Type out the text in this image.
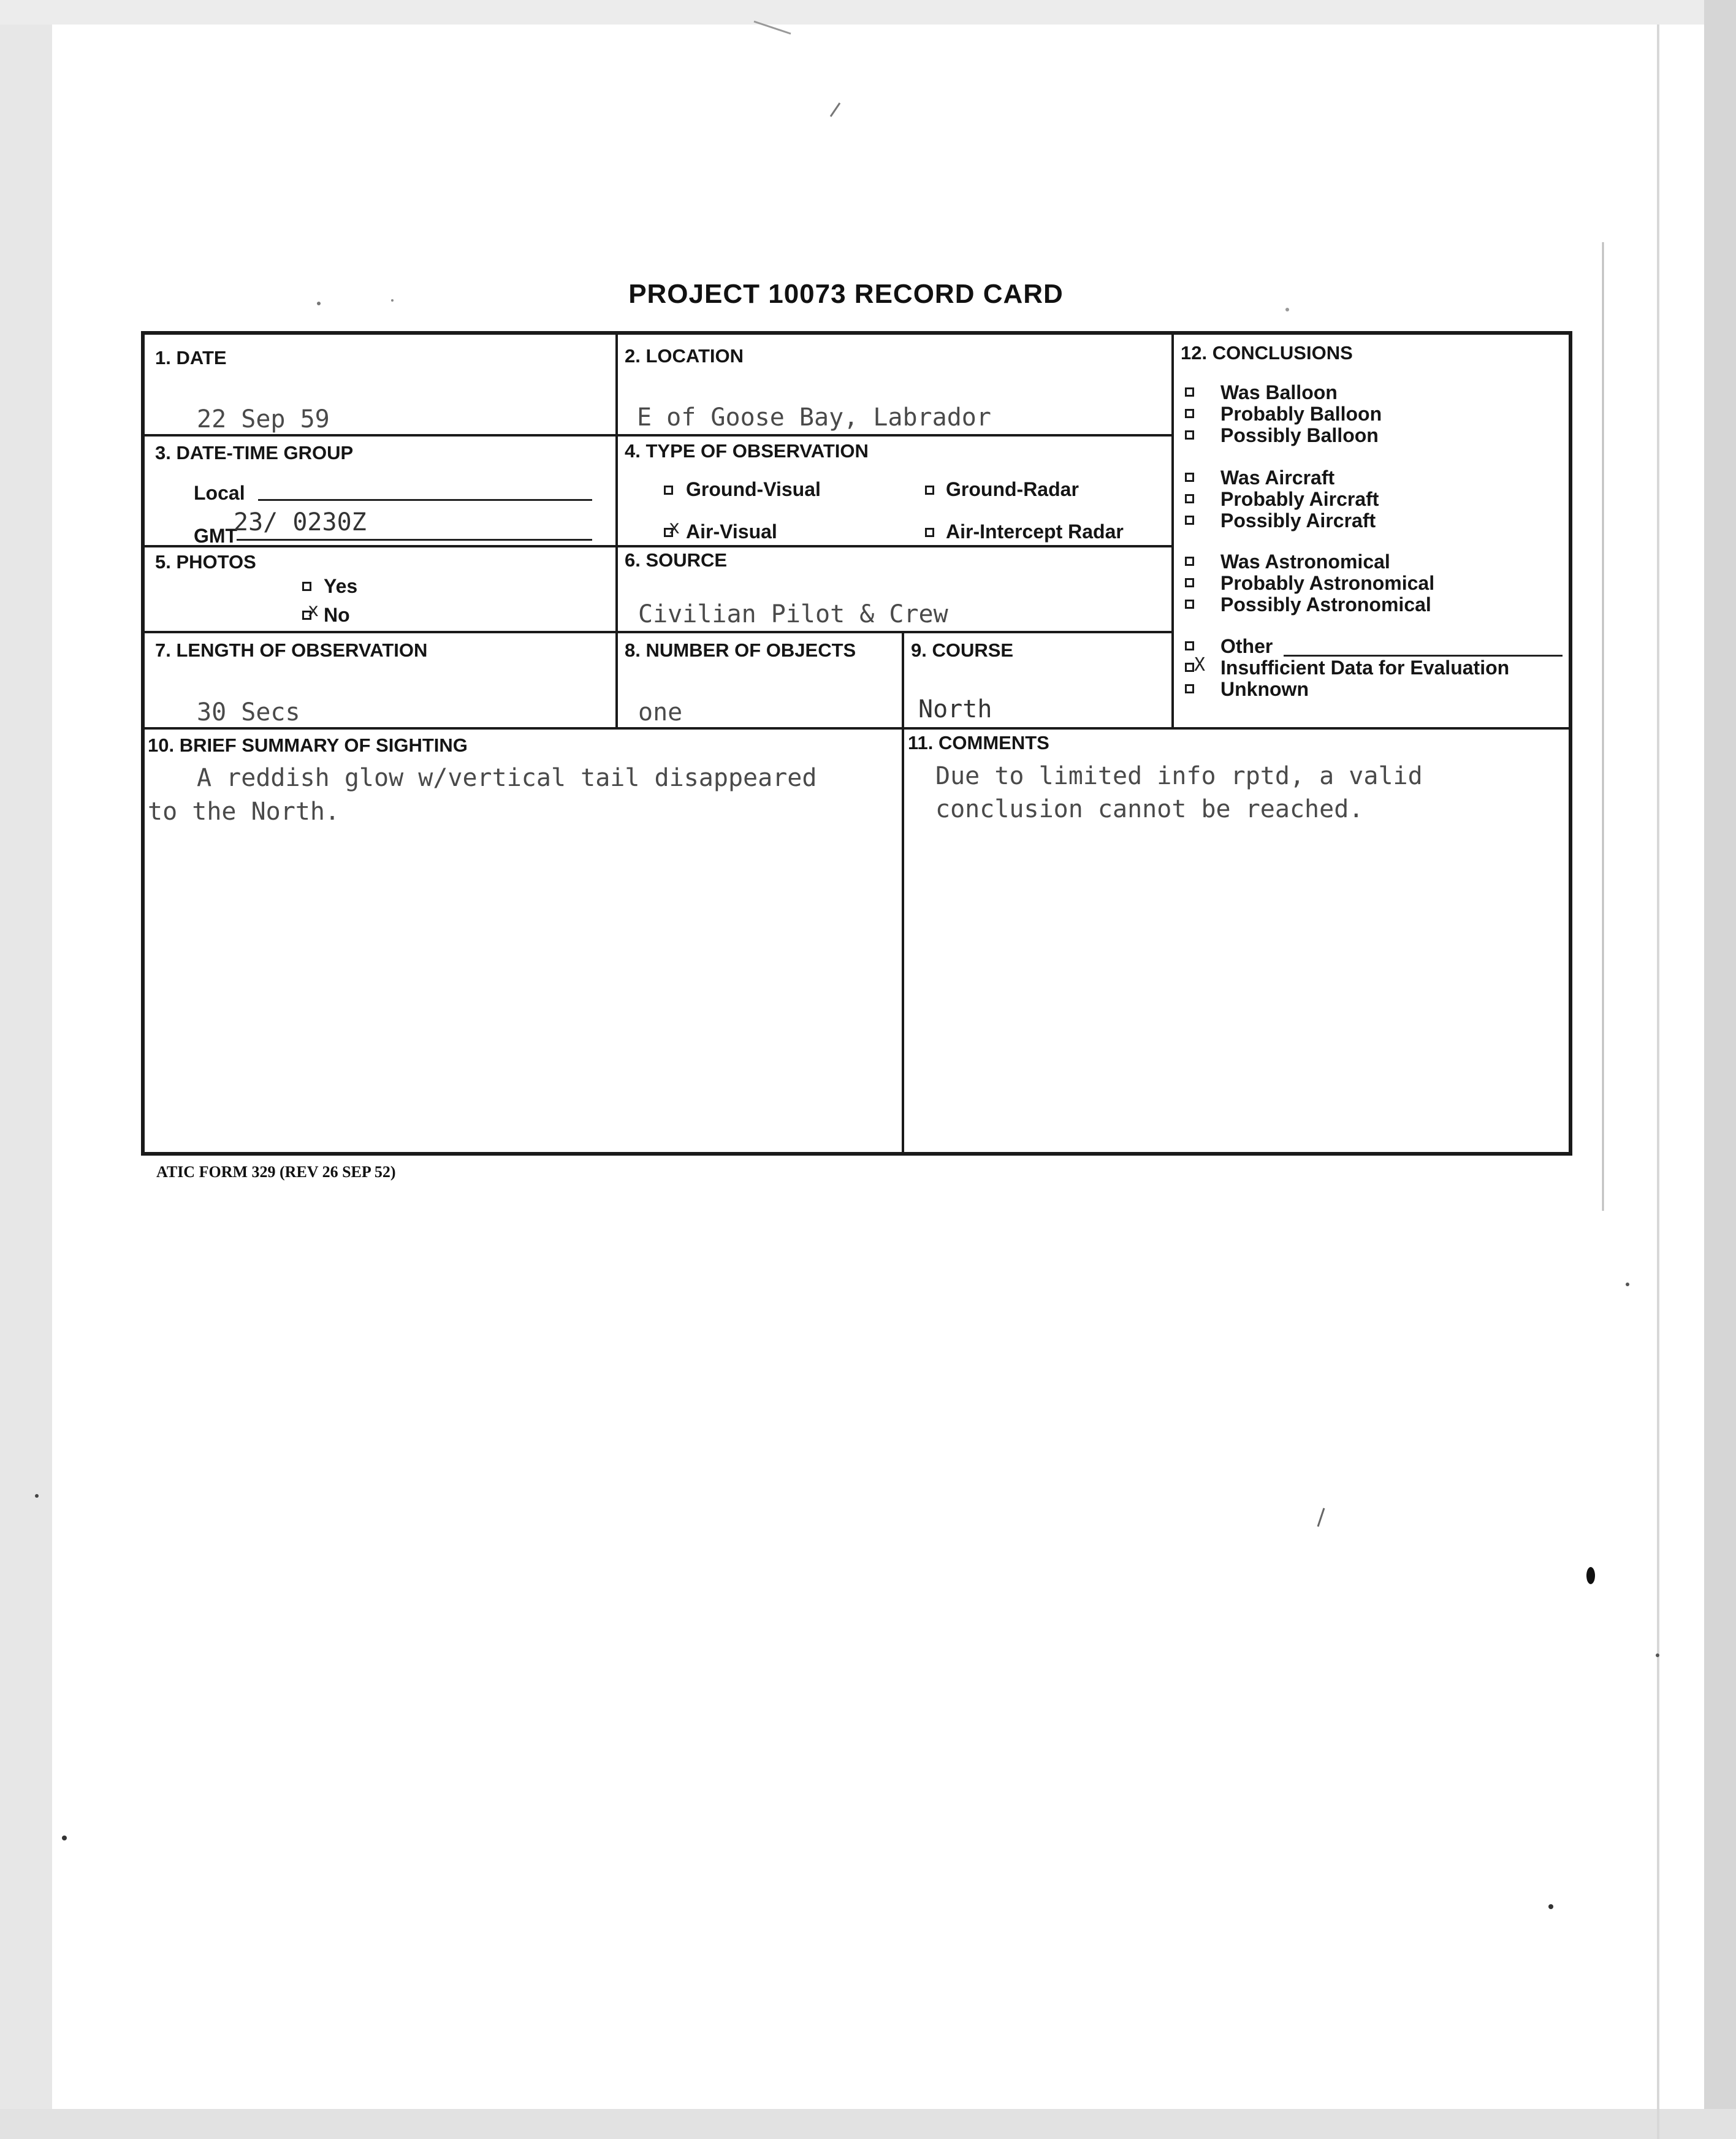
PROJECT 10073 RECORD CARD
1. DATE
22 Sep 59
2. LOCATION
E of Goose Bay, Labrador
3. DATE-TIME GROUP
Local
GMT
23/ 0230Z
4. TYPE OF OBSERVATION
Ground-Visual	Ground-Radar
x Air-Visual	Air-Intercept Radar
5. PHOTOS
Yes
x No
6. SOURCE
Civilian Pilot & Crew
7. LENGTH OF OBSERVATION
30 Secs
8. NUMBER OF OBJECTS
one
9. COURSE
North
10. BRIEF SUMMARY OF SIGHTING
A reddish glow w/vertical tail disappeared
to the North.
11. COMMENTS
Due to limited info rptd, a valid
conclusion cannot be reached.
12. CONCLUSIONS
Was Balloon
Probably Balloon
Possibly Balloon
Was Aircraft
Probably Aircraft
Possibly Aircraft
Was Astronomical
Probably Astronomical
Possibly Astronomical
Other
X Insufficient Data for Evaluation
Unknown
ATIC FORM 329 (REV 26 SEP 52)
